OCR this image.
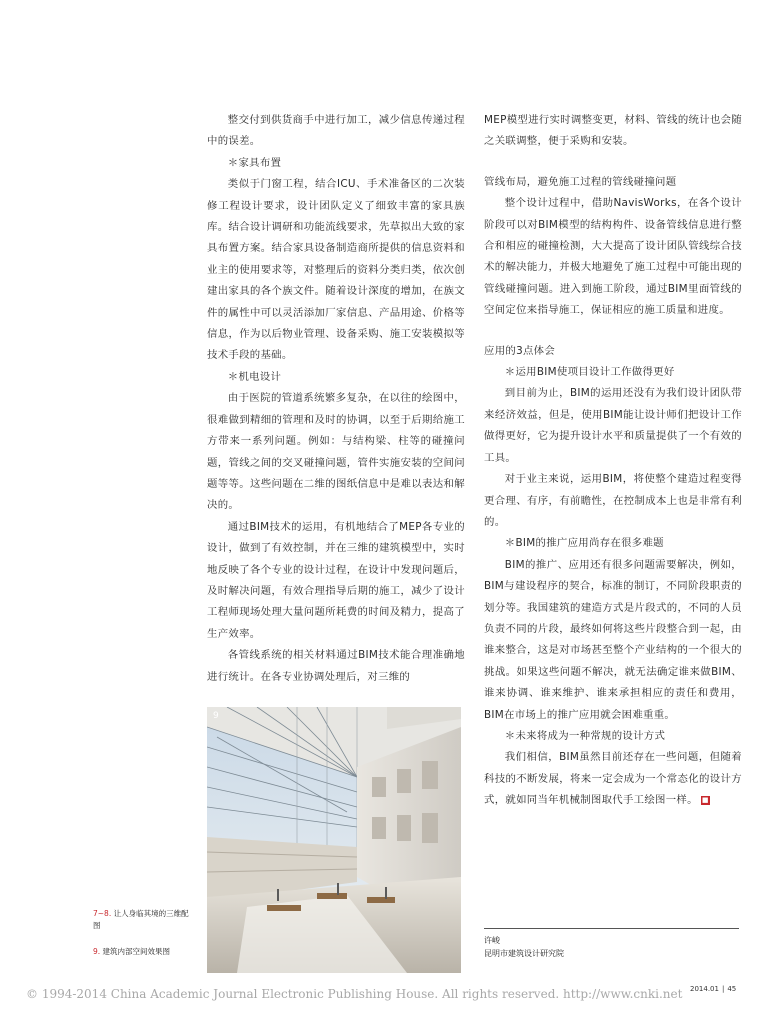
整交付到供货商手中进行加工，减少信息传递过程中的误差。

＊家具布置

类似于门窗工程，结合ICU、手术准备区的二次装修工程设计要求，设计团队定义了细致丰富的家具族库。结合设计调研和功能流线要求，先草拟出大致的家具布置方案。结合家具设备制造商所提供的信息资料和业主的使用要求等，对整理后的资料分类归类，依次创建出家具的各个族文件。随着设计深度的增加，在族文件的属性中可以灵活添加厂家信息、产品用途、价格等信息，作为以后物业管理、设备采购、施工安装模拟等技术手段的基础。

＊机电设计

由于医院的管道系统繁多复杂，在以往的绘图中，很难做到精细的管理和及时的协调，以至于后期给施工方带来一系列问题。例如：与结构梁、柱等的碰撞问题，管线之间的交叉碰撞问题，管件实施安装的空间问题等等。这些问题在二维的图纸信息中是难以表达和解决的。

通过BIM技术的运用，有机地结合了MEP各专业的设计，做到了有效控制，并在三维的建筑模型中，实时地反映了各个专业的设计过程，在设计中发现问题后，及时解决问题，有效合理指导后期的施工，减少了设计工程师现场处理大量问题所耗费的时间及精力，提高了生产效率。

各管线系统的相关材料通过BIM技术能合理准确地进行统计。在各专业协调处理后，对三维的

MEP模型进行实时调整变更，材料、管线的统计也会随之关联调整，便于采购和安装。

管线布局，避免施工过程的管线碰撞问题

整个设计过程中，借助NavisWorks，在各个设计阶段可以对BIM模型的结构构件、设备管线信息进行整合和相应的碰撞检测，大大提高了设计团队管线综合技术的解决能力，并极大地避免了施工过程中可能出现的管线碰撞问题。进入到施工阶段，通过BIM里面管线的空间定位来指导施工，保证相应的施工质量和进度。

应用的3点体会

＊运用BIM使项目设计工作做得更好

到目前为止，BIM的运用还没有为我们设计团队带来经济效益，但是，使用BIM能让设计师们把设计工作做得更好，它为提升设计水平和质量提供了一个有效的工具。

对于业主来说，运用BIM，将使整个建造过程变得更合理、有序，有前瞻性，在控制成本上也是非常有利的。

＊BIM的推广应用尚存在很多难题

BIM的推广、应用还有很多问题需要解决，例如，BIM与建设程序的契合，标准的制订，不同阶段职责的划分等。我国建筑的建造方式是片段式的，不同的人员负责不同的片段，最终如何将这些片段整合到一起，由谁来整合，这是对市场甚至整个产业结构的一个很大的挑战。如果这些问题不解决，就无法确定谁来做BIM、谁来协调、谁来维护、谁来承担相应的责任和费用，BIM在市场上的推广应用就会困难重重。

＊未来将成为一种常规的设计方式

我们相信，BIM虽然目前还存在一些问题，但随着科技的不断发展，将来一定会成为一个常态化的设计方式，就如同当年机械制图取代手工绘图一样。 ■

9
7~8. 让人身临其境的三维配图
9. 建筑内部空间效果图
许峻
昆明市建筑设计研究院
© 1994-2014 China Academic Journal Electronic Publishing House. All rights reserved. http://www.cnki.net 2014.01 | 45
